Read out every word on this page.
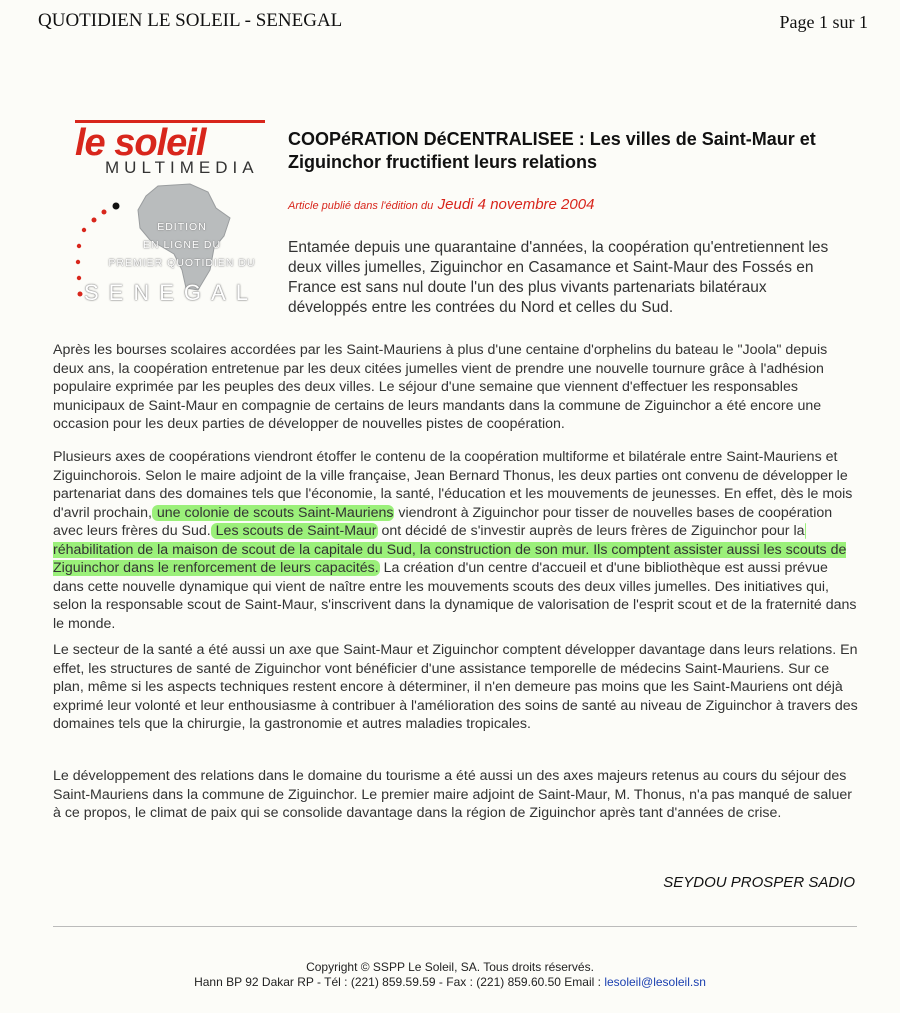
QUOTIDIEN LE SOLEIL - SENEGAL	Page 1 sur 1
le soleil
MULTIMEDIA
EDITION
EN LIGNE DU
PREMIER QUOTIDIEN DU
SENEGAL
COOPéRATION DéCENTRALISEE : Les villes de Saint-Maur et Ziguinchor fructifient leurs relations
Article publié dans l'édition du Jeudi 4 novembre 2004
Entamée depuis une quarantaine d'années, la coopération qu'entretiennent les deux villes jumelles, Ziguinchor en Casamance et Saint-Maur des Fossés en France est sans nul doute l'un des plus vivants partenariats bilatéraux développés entre les contrées du Nord et celles du Sud.

Après les bourses scolaires accordées par les Saint-Mauriens à plus d'une centaine d'orphelins du bateau le "Joola" depuis deux ans, la coopération entretenue par les deux citées jumelles vient de prendre une nouvelle tournure grâce à l'adhésion populaire exprimée par les peuples des deux villes. Le séjour d'une semaine que viennent d'effectuer les responsables municipaux de Saint-Maur en compagnie de certains de leurs mandants dans la commune de Ziguinchor a été encore une occasion pour les deux parties de développer de nouvelles pistes de coopération.

Plusieurs axes de coopérations viendront étoffer le contenu de la coopération multiforme et bilatérale entre Saint-Mauriens et Ziguinchorois. Selon le maire adjoint de la ville française, Jean Bernard Thonus, les deux parties ont convenu de développer le partenariat dans des domaines tels que l'économie, la santé, l'éducation et les mouvements de jeunesses. En effet, dès le mois d'avril prochain, une colonie de scouts Saint-Mauriens viendront à Ziguinchor pour tisser de nouvelles bases de coopération avec leurs frères du Sud. Les scouts de Saint-Maur ont décidé de s'investir auprès de leurs frères de Ziguinchor pour la réhabilitation de la maison de scout de la capitale du Sud, la construction de son mur. Ils comptent assister aussi les scouts de Ziguinchor dans le renforcement de leurs capacités. La création d'un centre d'accueil et d'une bibliothèque est aussi prévue dans cette nouvelle dynamique qui vient de naître entre les mouvements scouts des deux villes jumelles. Des initiatives qui, selon la responsable scout de Saint-Maur, s'inscrivent dans la dynamique de valorisation de l'esprit scout et de la fraternité dans le monde.

Le secteur de la santé a été aussi un axe que Saint-Maur et Ziguinchor comptent développer davantage dans leurs relations. En effet, les structures de santé de Ziguinchor vont bénéficier d'une assistance temporelle de médecins Saint-Mauriens. Sur ce plan, même si les aspects techniques restent encore à déterminer, il n'en demeure pas moins que les Saint-Mauriens ont déjà exprimé leur volonté et leur enthousiasme à contribuer à l'amélioration des soins de santé au niveau de Ziguinchor à travers des domaines tels que la chirurgie, la gastronomie et autres maladies tropicales.

Le développement des relations dans le domaine du tourisme a été aussi un des axes majeurs retenus au cours du séjour des Saint-Mauriens dans la commune de Ziguinchor. Le premier maire adjoint de Saint-Maur, M. Thonus, n'a pas manqué de saluer à ce propos, le climat de paix qui se consolide davantage dans la région de Ziguinchor après tant d'années de crise.

SEYDOU PROSPER SADIO
Copyright © SSPP Le Soleil, SA. Tous droits réservés.
Hann BP 92 Dakar RP - Tél : (221) 859.59.59 - Fax : (221) 859.60.50 Email : lesoleil@lesoleil.sn
